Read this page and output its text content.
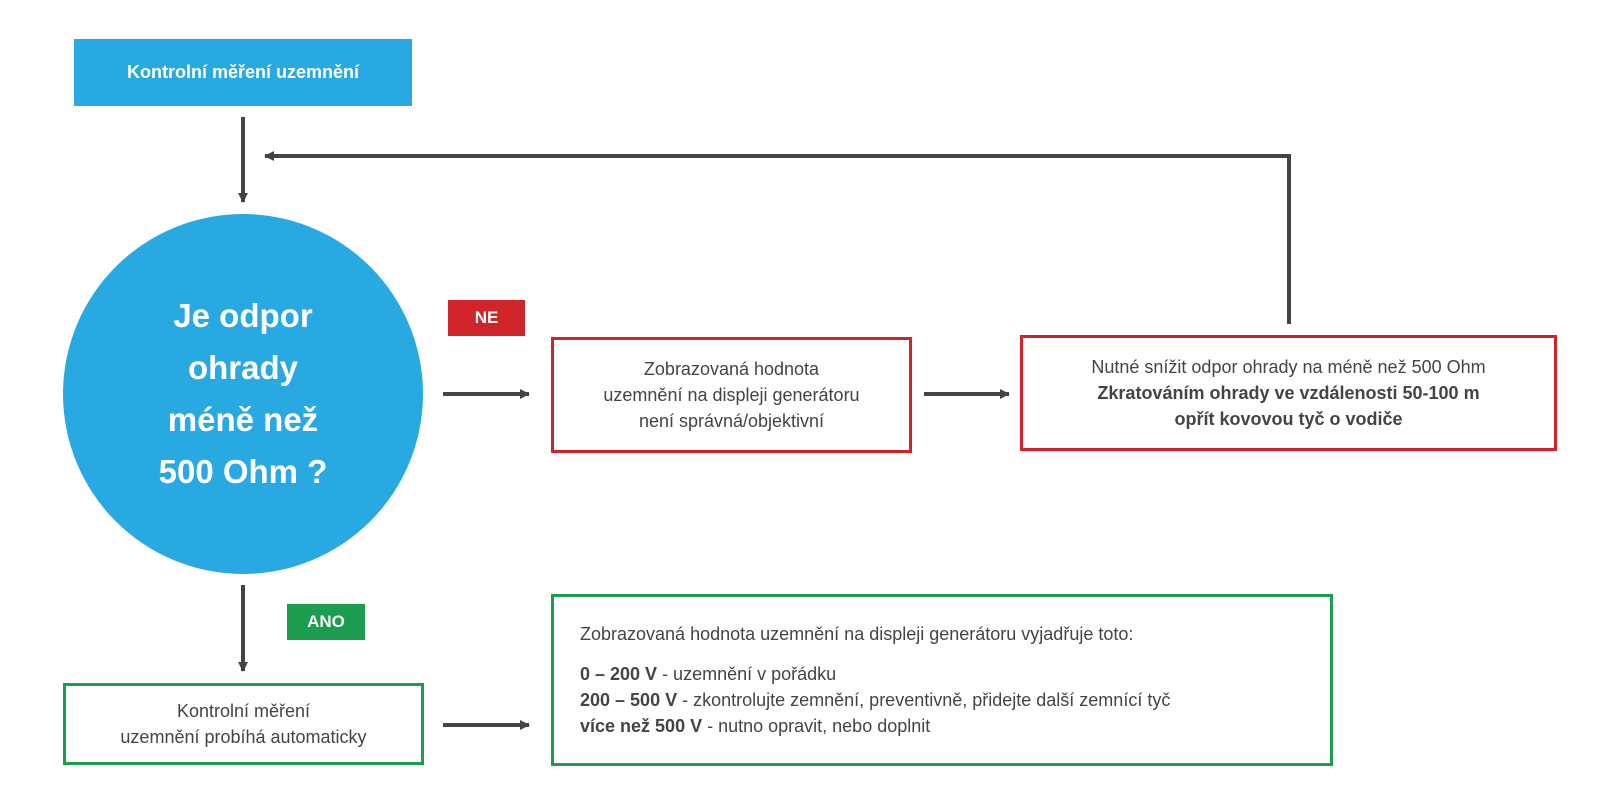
Kontrolní měření uzemnění
Je odpor
ohrady
méně než
500 Ohm ?
NE
ANO
Zobrazovaná hodnota
uzemnění na displeji generátoru
není správná/objektivní
Nutné snížit odpor ohrady na méně než 500 Ohm
Zkratováním ohrady ve vzdálenosti 50-100 m
opřít kovovou tyč o vodiče
Kontrolní měření
uzemnění probíhá automaticky
Zobrazovaná hodnota uzemnění na displeji generátoru vyjadřuje toto:
0 – 200 V - uzemnění v pořádku
200 – 500 V - zkontrolujte zemnění, preventivně, přidejte další zemnící tyč
více než 500 V - nutno opravit, nebo doplnit
